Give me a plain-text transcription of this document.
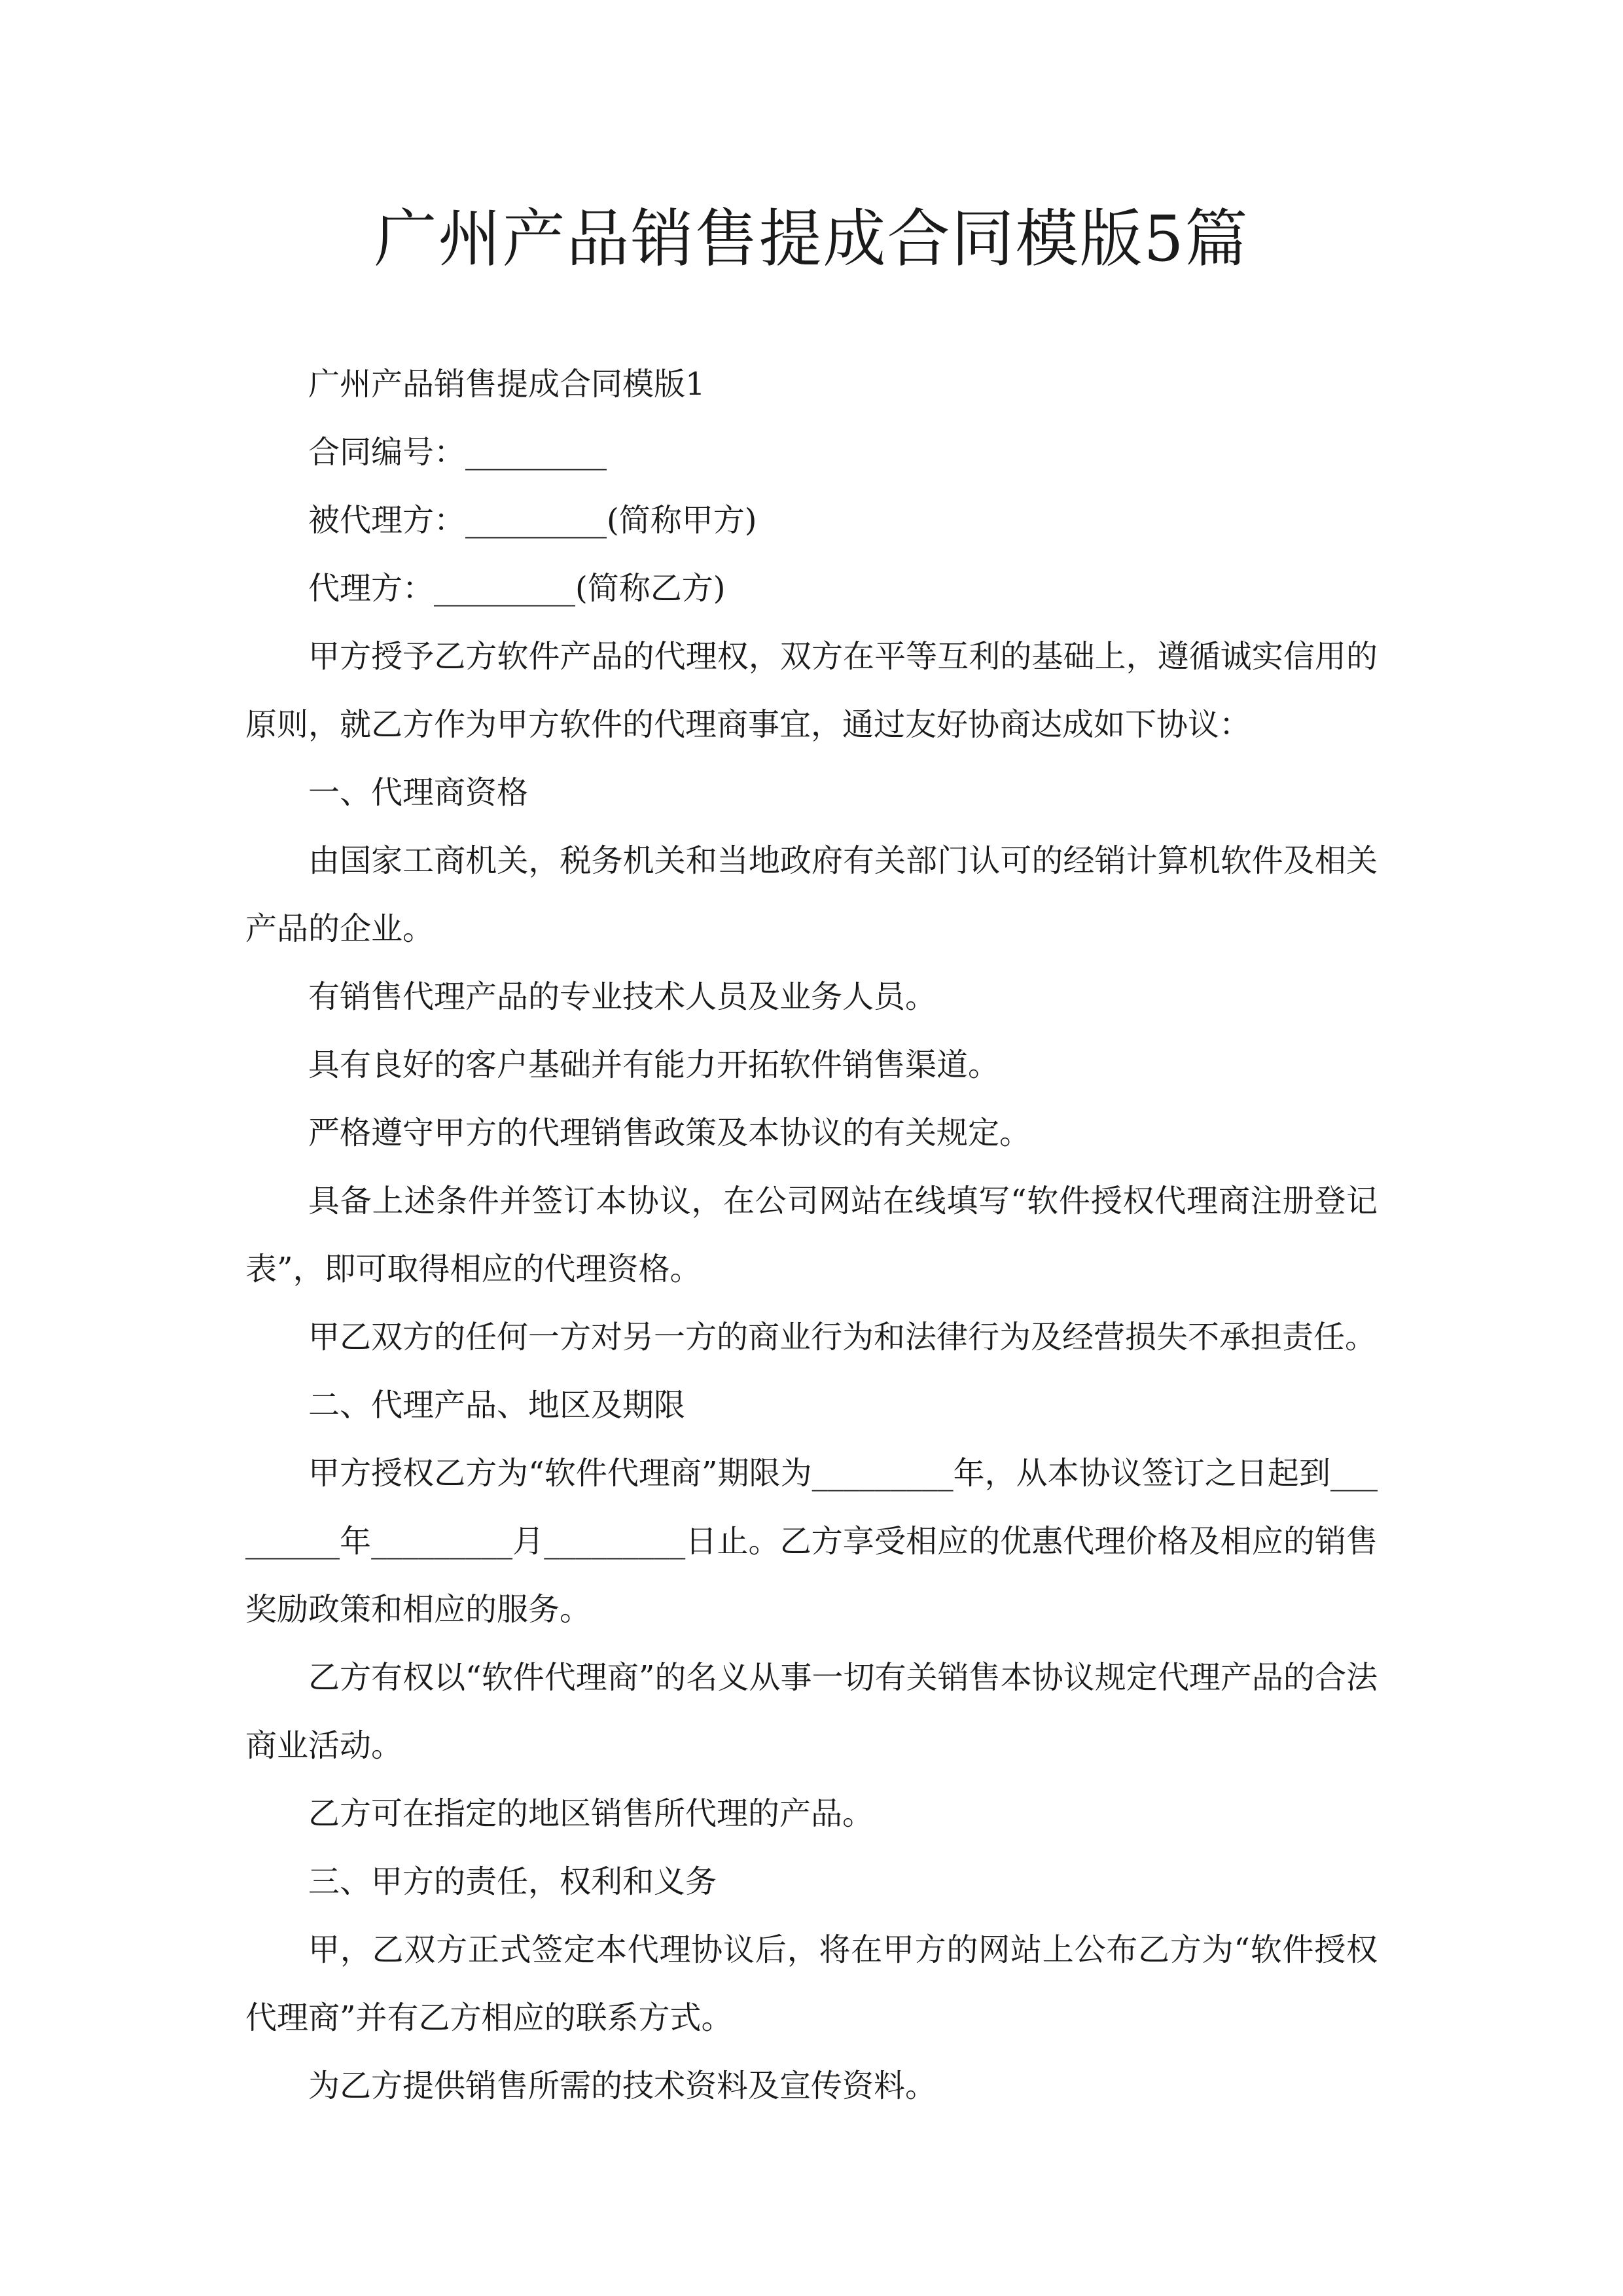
广州产品销售提成合同模版5篇

广州产品销售提成合同模版1

合同编号：_________

被代理方：_________(简称甲方)

代理方：_________(简称乙方)

甲方授予乙方软件产品的代理权，双方在平等互利的基础上，遵循诚实信用的原则，就乙方作为甲方软件的代理商事宜，通过友好协商达成如下协议：

一、代理商资格

由国家工商机关，税务机关和当地政府有关部门认可的经销计算机软件及相关产品的企业。

有销售代理产品的专业技术人员及业务人员。

具有良好的客户基础并有能力开拓软件销售渠道。

严格遵守甲方的代理销售政策及本协议的有关规定。

具备上述条件并签订本协议，在公司网站在线填写“软件授权代理商注册登记表”，即可取得相应的代理资格。

甲乙双方的任何一方对另一方的商业行为和法律行为及经营损失不承担责任。

二、代理产品、地区及期限

甲方授权乙方为“软件代理商”期限为_________年，从本协议签订之日起到_________年_________月_________日止。乙方享受相应的优惠代理价格及相应的销售奖励政策和相应的服务。

乙方有权以“软件代理商”的名义从事一切有关销售本协议规定代理产品的合法商业活动。

乙方可在指定的地区销售所代理的产品。

三、甲方的责任，权利和义务

甲，乙双方正式签定本代理协议后，将在甲方的网站上公布乙方为“软件授权代理商”并有乙方相应的联系方式。

为乙方提供销售所需的技术资料及宣传资料。
